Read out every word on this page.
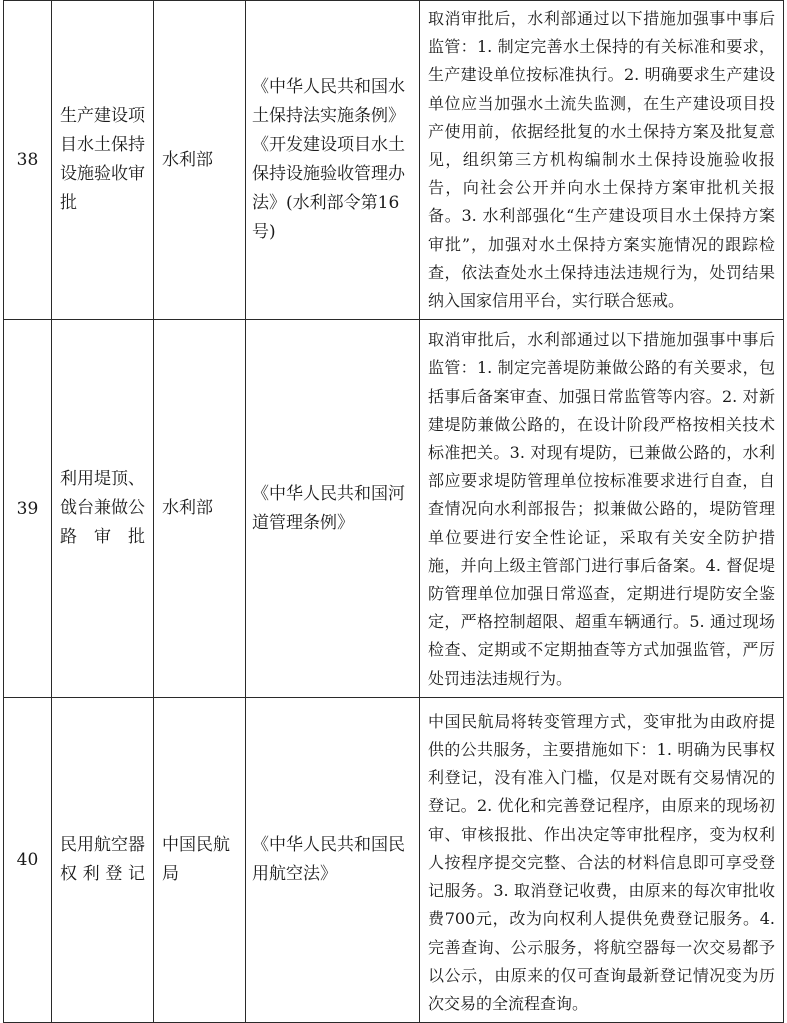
38	生产建设项目水土保持设施验收审批	水利部	《中华人民共和国水土保持法实施条例》《开发建设项目水土保持设施验收管理办法》(水利部令第16号)	取消审批后，水利部通过以下措施加强事中事后监管：1. 制定完善水土保持的有关标准和要求，生产建设单位按标准执行。2. 明确要求生产建设单位应当加强水土流失监测，在生产建设项目投产使用前，依据经批复的水土保持方案及批复意见，组织第三方机构编制水土保持设施验收报告，向社会公开并向水土保持方案审批机关报备。3. 水利部强化“生产建设项目水土保持方案审批”，加强对水土保持方案实施情况的跟踪检查，依法查处水土保持违法违规行为，处罚结果纳入国家信用平台，实行联合惩戒。
39	利用堤顶、戗台兼做公路审批	水利部	《中华人民共和国河道管理条例》	取消审批后，水利部通过以下措施加强事中事后监管：1. 制定完善堤防兼做公路的有关要求，包括事后备案审查、加强日常监管等内容。2. 对新建堤防兼做公路的，在设计阶段严格按相关技术标准把关。3. 对现有堤防，已兼做公路的，水利部应要求堤防管理单位按标准要求进行自查，自查情况向水利部报告；拟兼做公路的，堤防管理单位要进行安全性论证，采取有关安全防护措施，并向上级主管部门进行事后备案。4. 督促堤防管理单位加强日常巡查，定期进行堤防安全鉴定，严格控制超限、超重车辆通行。5. 通过现场检查、定期或不定期抽查等方式加强监管，严厉处罚违法违规行为。
40	民用航空器权利登记	中国民航局	《中华人民共和国民用航空法》	中国民航局将转变管理方式，变审批为由政府提供的公共服务，主要措施如下：1. 明确为民事权利登记，没有准入门槛，仅是对既有交易情况的登记。2. 优化和完善登记程序，由原来的现场初审、审核报批、作出决定等审批程序，变为权利人按程序提交完整、合法的材料信息即可享受登记服务。3. 取消登记收费，由原来的每次审批收费700元，改为向权利人提供免费登记服务。4. 完善查询、公示服务，将航空器每一次交易都予以公示，由原来的仅可查询最新登记情况变为历次交易的全流程查询。
